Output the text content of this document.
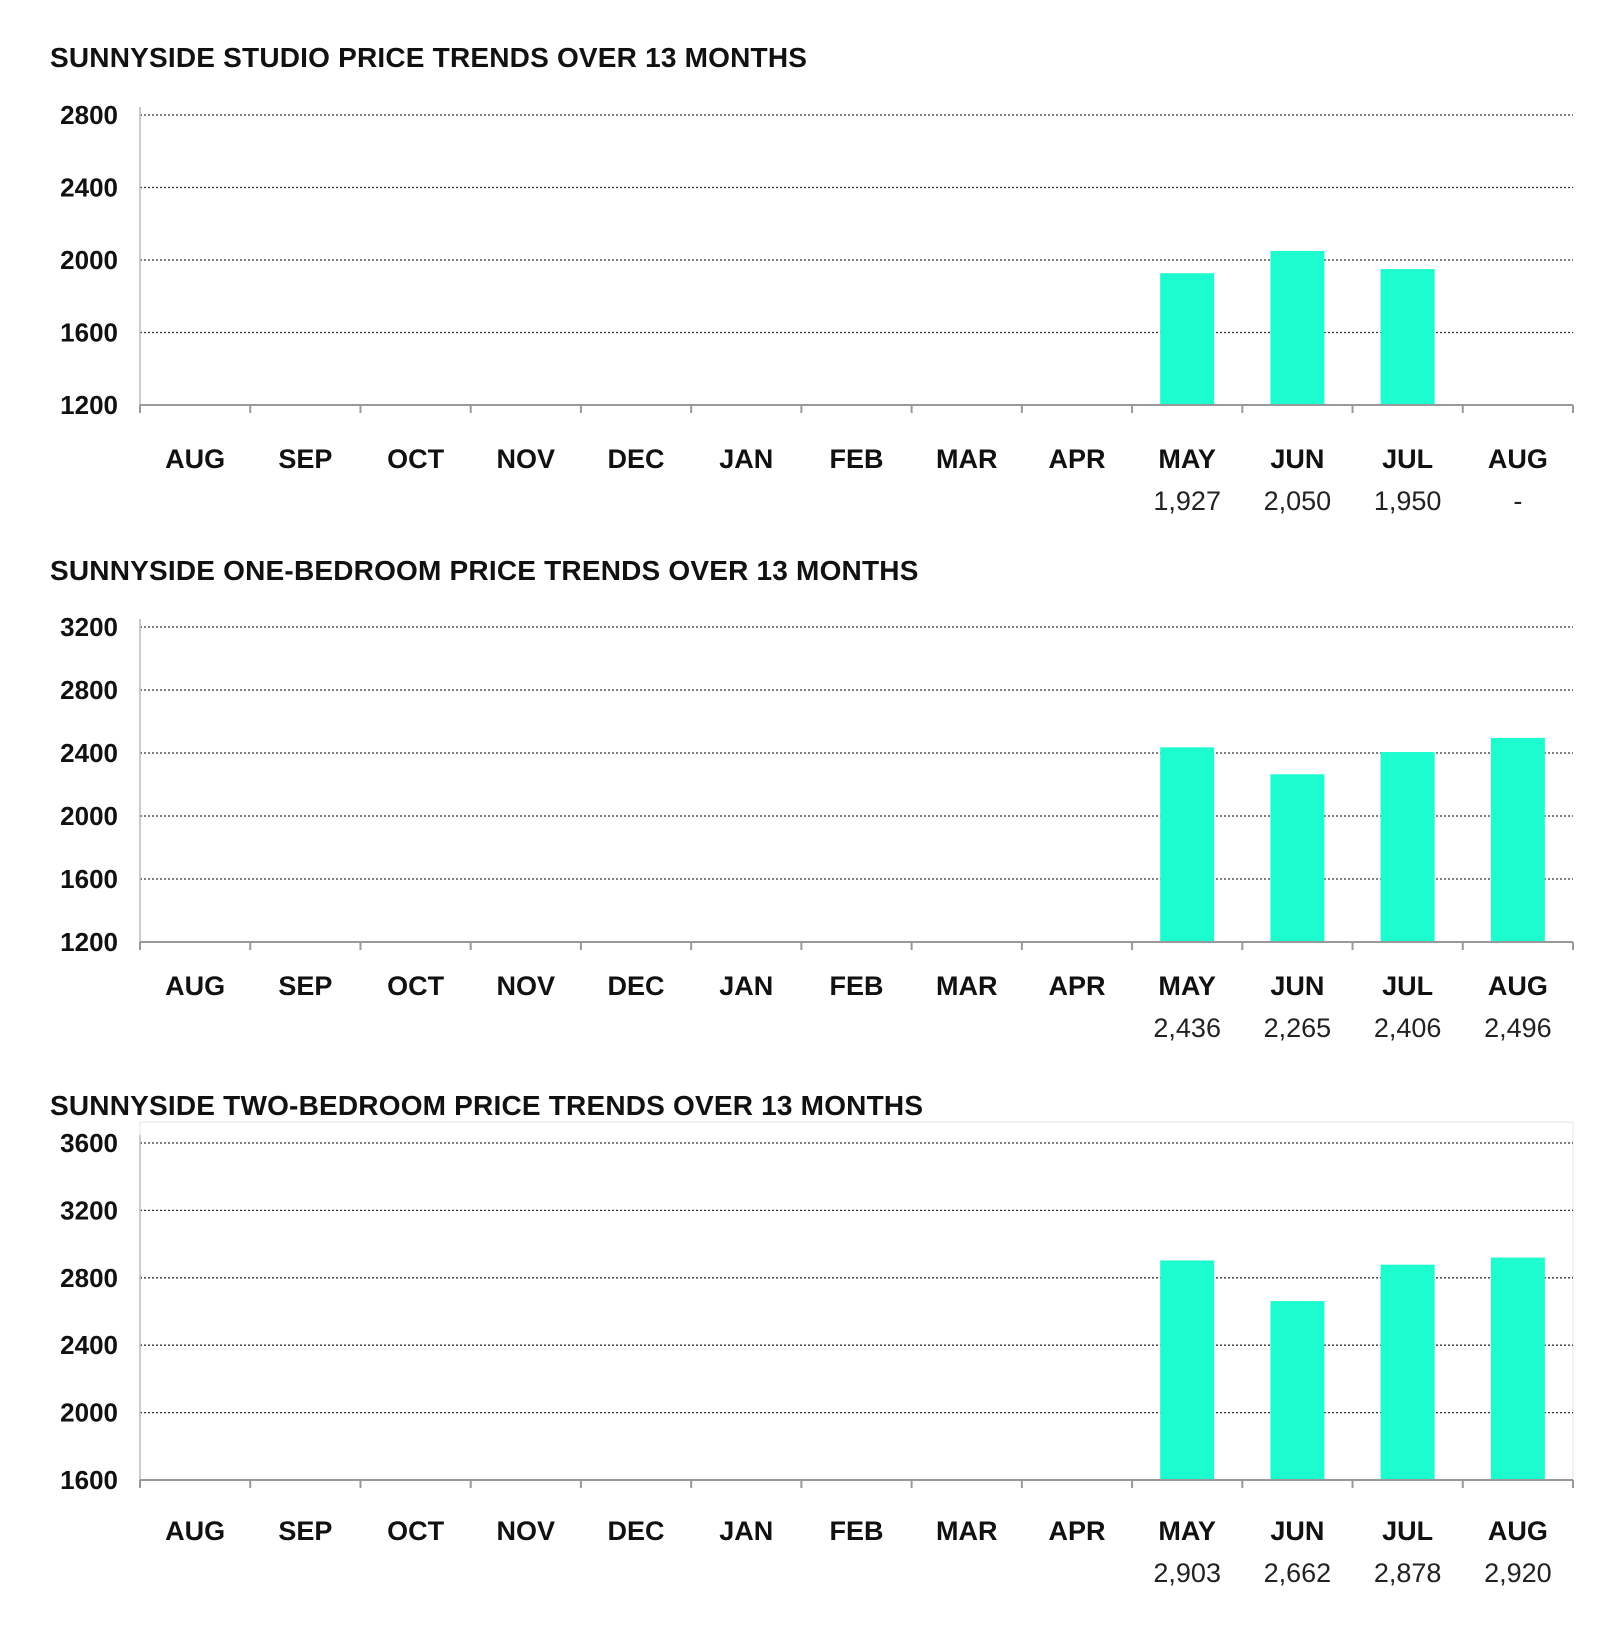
SUNNYSIDE STUDIO PRICE TRENDS OVER 13 MONTHS
2800
2400
2000
1600
1200
AUG SEP OCT NOV DEC JAN FEB MAR APR MAY
1,927
JUN
2,050
JUL
1,950
AUG
-
SUNNYSIDE ONE-BEDROOM PRICE TRENDS OVER 13 MONTHS
3200
2800
2400
2000
1600
1200
AUG SEP OCT NOV DEC JAN FEB MAR APR MAY
2,436
JUN
2,265
JUL
2,406
AUG
2,496
SUNNYSIDE TWO-BEDROOM PRICE TRENDS OVER 13 MONTHS
3600
3200
2800
2400
2000
1600
AUG SEP OCT NOV DEC JAN FEB MAR APR MAY
2,903
JUN
2,662
JUL
2,878
AUG
2,920
